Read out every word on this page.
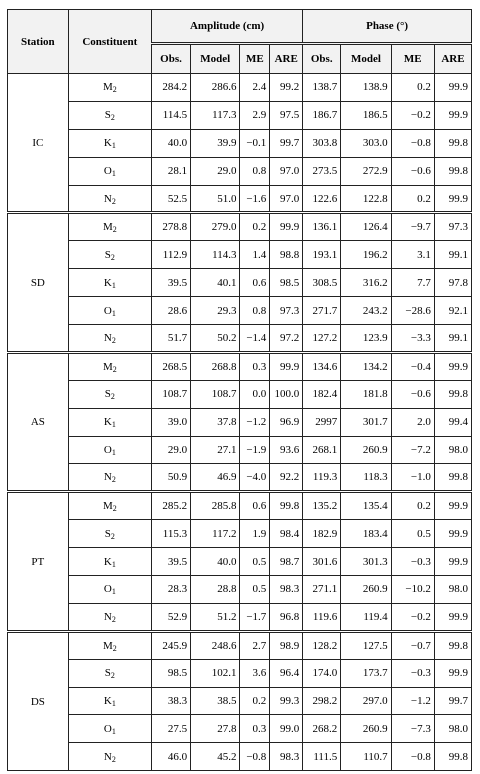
Station	Constituent	Amplitude (cm)				Phase (°)			
		Obs.	Model	ME	ARE	Obs.	Model	ME	ARE
IC	$M_2$	284.2	286.6	2.4	99.2	138.7	138.9	0.2	99.9
	$S_2$	114.5	117.3	2.9	97.5	186.7	186.5	−0.2	99.9
	$K_1$	40.0	39.9	−0.1	99.7	303.8	303.0	−0.8	99.8
	$O_1$	28.1	29.0	0.8	97.0	273.5	272.9	−0.6	99.8
	$N_2$	52.5	51.0	−1.6	97.0	122.6	122.8	0.2	99.9
SD	$M_2$	278.8	279.0	0.2	99.9	136.1	126.4	−9.7	97.3
	$S_2$	112.9	114.3	1.4	98.8	193.1	196.2	3.1	99.1
	$K_1$	39.5	40.1	0.6	98.5	308.5	316.2	7.7	97.8
	$O_1$	28.6	29.3	0.8	97.3	271.7	243.2	−28.6	92.1
	$N_2$	51.7	50.2	−1.4	97.2	127.2	123.9	−3.3	99.1
AS	$M_2$	268.5	268.8	0.3	99.9	134.6	134.2	−0.4	99.9
	$S_2$	108.7	108.7	0.0	100.0	182.4	181.8	−0.6	99.8
	$K_1$	39.0	37.8	−1.2	96.9	2997	301.7	2.0	99.4
	$O_1$	29.0	27.1	−1.9	93.6	268.1	260.9	−7.2	98.0
	$N_2$	50.9	46.9	−4.0	92.2	119.3	118.3	−1.0	99.8
PT	$M_2$	285.2	285.8	0.6	99.8	135.2	135.4	0.2	99.9
	$S_2$	115.3	117.2	1.9	98.4	182.9	183.4	0.5	99.9
	$K_1$	39.5	40.0	0.5	98.7	301.6	301.3	−0.3	99.9
	$O_1$	28.3	28.8	0.5	98.3	271.1	260.9	−10.2	98.0
	$N_2$	52.9	51.2	−1.7	96.8	119.6	119.4	−0.2	99.9
DS	$M_2$	245.9	248.6	2.7	98.9	128.2	127.5	−0.7	99.8
	$S_2$	98.5	102.1	3.6	96.4	174.0	173.7	−0.3	99.9
	$K_1$	38.3	38.5	0.2	99.3	298.2	297.0	−1.2	99.7
	$O_1$	27.5	27.8	0.3	99.0	268.2	260.9	−7.3	98.0
	$N_2$	46.0	45.2	−0.8	98.3	111.5	110.7	−0.8	99.8
